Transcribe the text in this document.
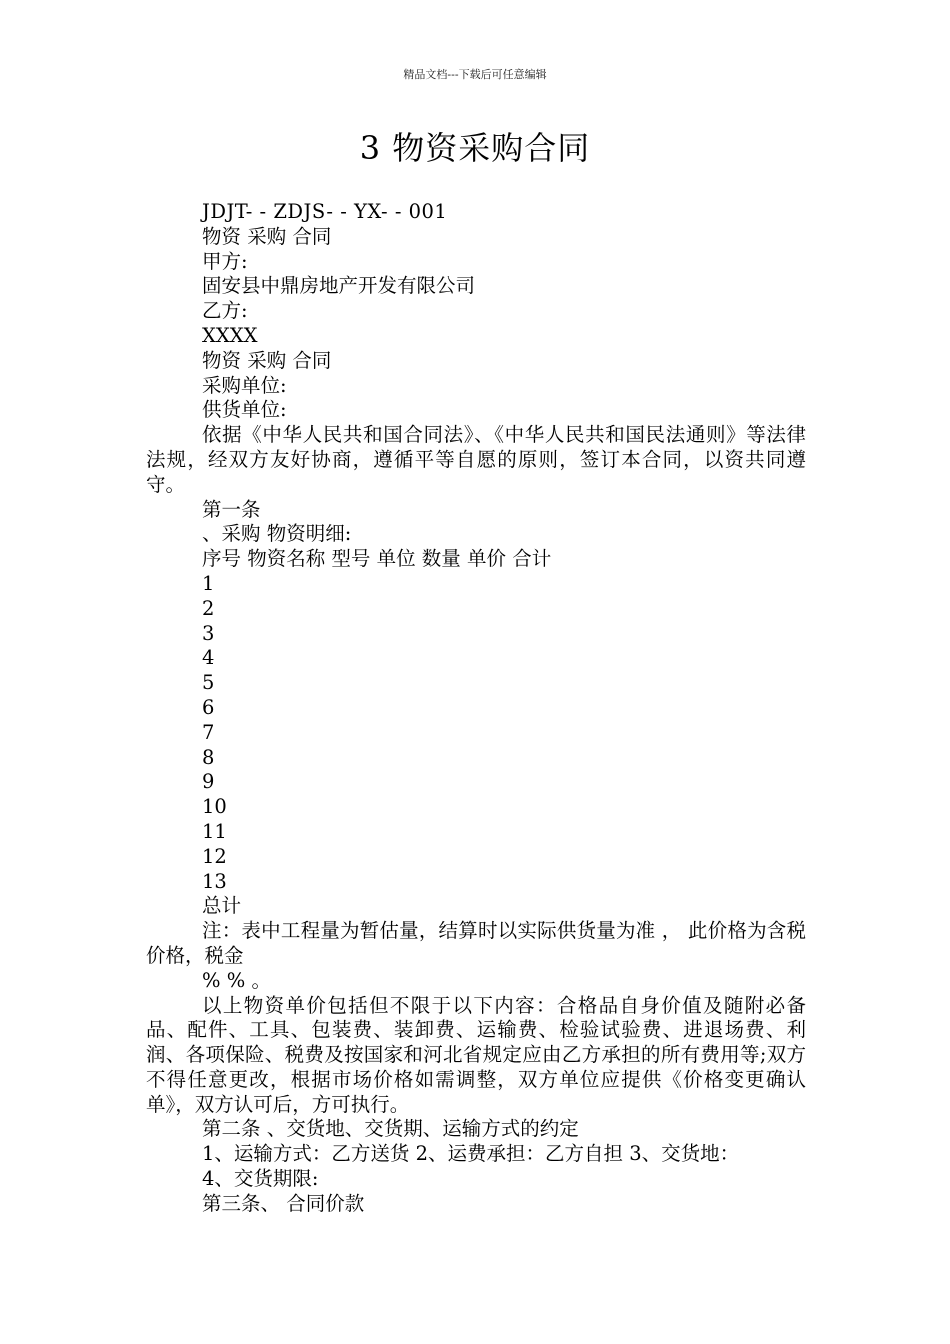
精品文档---下载后可任意编辑
3 物资采购合同

JDJT- - ZDJS- - YX- - 001

物资 采购 合同

甲方:

固安县中鼎房地产开发有限公司

乙方:

XXXX

物资 采购 合同

采购单位:

供货单位:

依据《中华人民共和国合同法》、《中华人民共和国民法通则》等法律法规，经双方友好协商，遵循平等自愿的原则，签订本合同，以资共同遵守。

第一条

、采购 物资明细:

序号 物资名称 型号 单位 数量 单价 合计

1

2

3

4

5

6

7

8

9

10

11

12

13

总计

注：表中工程量为暂估量，结算时以实际供货量为准 ， 此价格为含税价格，税金

% % 。

以上物资单价包括但不限于以下内容：合格品自身价值及随附必备品、配件、工具、包装费、装卸费、运输费、检验试验费、进退场费、利润、各项保险、税费及按国家和河北省规定应由乙方承担的所有费用等;双方不得任意更改，根据市场价格如需调整，双方单位应提供《价格变更确认单》，双方认可后，方可执行。

第二条 、交货地、交货期、运输方式的约定

1、运输方式：乙方送货 2、运费承担：乙方自担 3、交货地：

4、交货期限:

第三条、 合同价款
